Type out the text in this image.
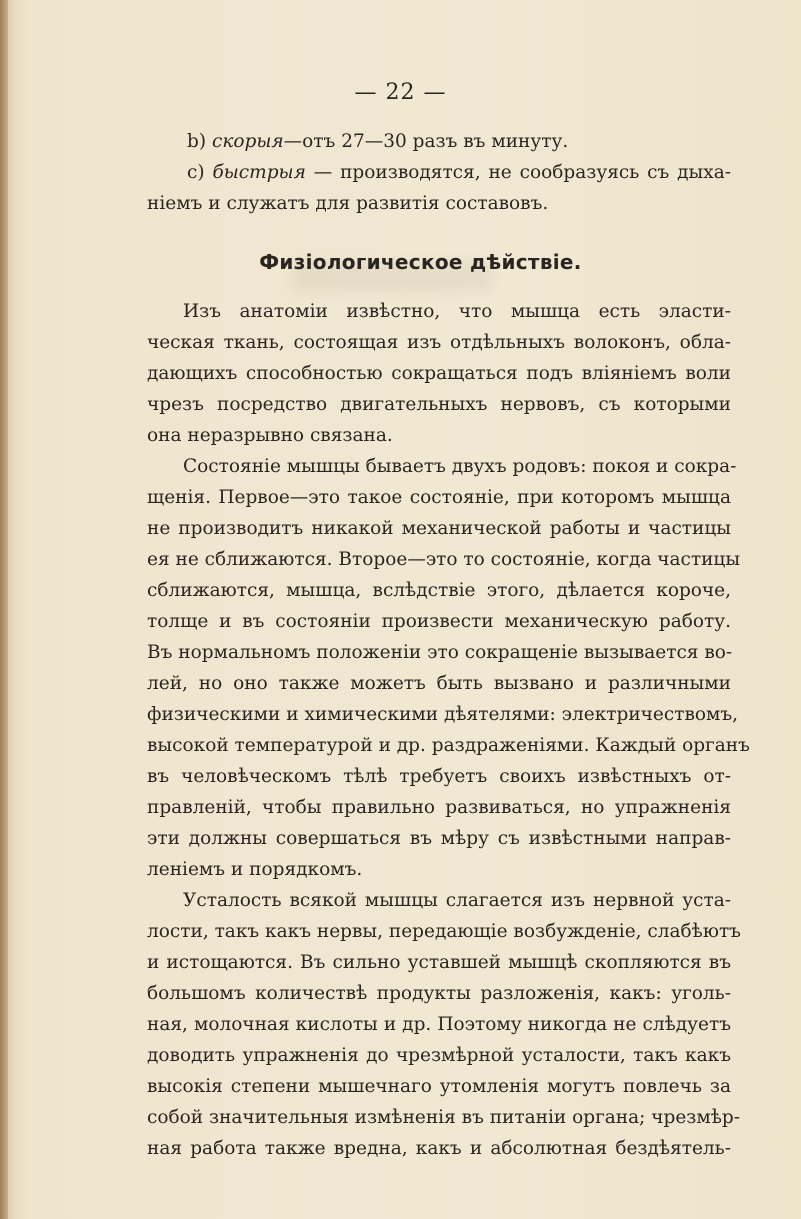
— 22 —
b) скорыя—отъ 27—30 разъ въ минуту.
c) быстрыя — производятся, не сообразуясь съ дыха-
ніемъ и служатъ для развитія составовъ.
Физіологическое дѣйствіе.
Изъ анатоміи извѣстно, что мышца есть эласти-
ческая ткань, состоящая изъ отдѣльныхъ волоконъ, обла-
дающихъ способностью сокращаться подъ вліяніемъ воли
чрезъ посредство двигательныхъ нервовъ, съ которыми
она неразрывно связана.
Состояніе мышцы бываетъ двухъ родовъ: покоя и сокра-
щенія. Первое—это такое состояніе, при которомъ мышца
не производитъ никакой механической работы и частицы
ея не сближаются. Второе—это то состояніе, когда частицы
сближаются, мышца, вслѣдствіе этого, дѣлается короче,
толще и въ состояніи произвести механическую работу.
Въ нормальномъ положеніи это сокращеніе вызывается во-
лей, но оно также можетъ быть вызвано и различными
физическими и химическими дѣятелями: электричествомъ,
высокой температурой и др. раздраженіями. Каждый органъ
въ человѣческомъ тѣлѣ требуетъ своихъ извѣстныхъ от-
правленій, чтобы правильно развиваться, но упражненія
эти должны совершаться въ мѣру съ извѣстными направ-
леніемъ и порядкомъ.
Усталость всякой мышцы слагается изъ нервной уста-
лости, такъ какъ нервы, передающіе возбужденіе, слабѣютъ
и истощаются. Въ сильно уставшей мышцѣ скопляются въ
большомъ количествѣ продукты разложенія, какъ: уголь-
ная, молочная кислоты и др. Поэтому никогда не слѣдуетъ
доводить упражненія до чрезмѣрной усталости, такъ какъ
высокія степени мышечнаго утомленія могутъ повлечь за
собой значительныя измѣненія въ питаніи органа; чрезмѣр-
ная работа также вредна, какъ и абсолютная бездѣятель-
